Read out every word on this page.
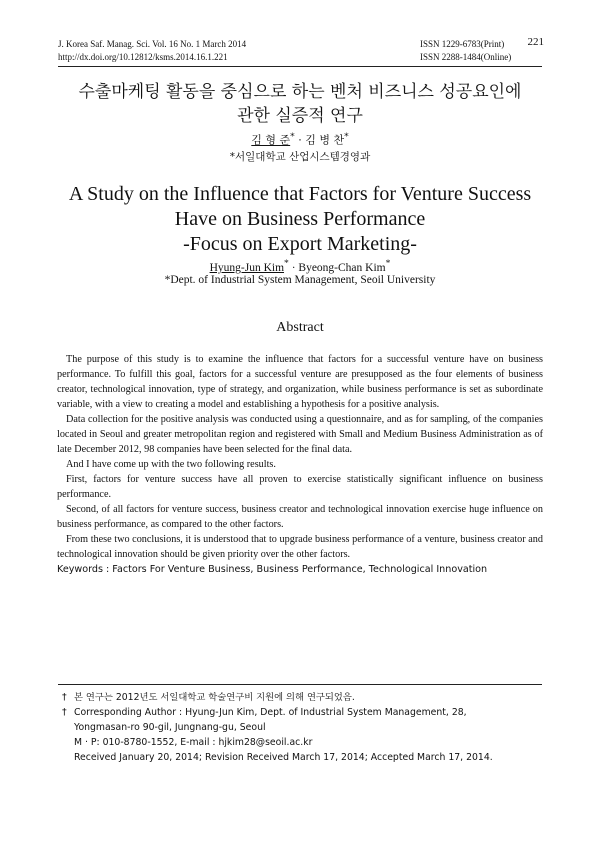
J. Korea Saf. Manag. Sci. Vol. 16 No. 1 March 2014
http://dx.doi.org/10.12812/ksms.2014.16.1.221
ISSN 1229-6783(Print)
ISSN 2288-1484(Online)
221
수출마케팅 활동을 중심으로 하는 벤처 비즈니스 성공요인에
관한 실증적 연구
김 형 준* · 김 병 찬*
*서일대학교 산업시스템경영과
A Study on the Influence that Factors for Venture Success
Have on Business Performance
-Focus on Export Marketing-
Hyung-Jun Kim* · Byeong-Chan Kim*
*Dept. of Industrial System Management, Seoil University
Abstract

The purpose of this study is to examine the influence that factors for a successful venture have on business performance. To fulfill this goal, factors for a successful venture are presupposed as the four elements of business creator, technological innovation, type of strategy, and organization, while business performance is set as subordinate variable, with a view to creating a model and establishing a hypothesis for a positive analysis.

Data collection for the positive analysis was conducted using a questionnaire, and as for sampling, of the companies located in Seoul and greater metropolitan region and registered with Small and Medium Business Administration as of late December 2012, 98 companies have been selected for the final data.

And I have come up with the two following results.

First, factors for venture success have all proven to exercise statistically significant influence on business performance.

Second, of all factors for venture success, business creator and technological innovation exercise huge influence on business performance, as compared to the other factors.

From these two conclusions, it is understood that to upgrade business performance of a venture, business creator and technological innovation should be given priority over the other factors.

Keywords : Factors For Venture Business, Business Performance, Technological Innovation
† 본 연구는 2012년도 서일대학교 학술연구비 지원에 의해 연구되었음.
† Corresponding Author : Hyung-Jun Kim, Dept. of Industrial System Management, 28,
Yongmasan-ro 90-gil, Jungnang-gu, Seoul
M · P: 010-8780-1552, E-mail : hjkim28@seoil.ac.kr
Received January 20, 2014; Revision Received March 17, 2014; Accepted March 17, 2014.
